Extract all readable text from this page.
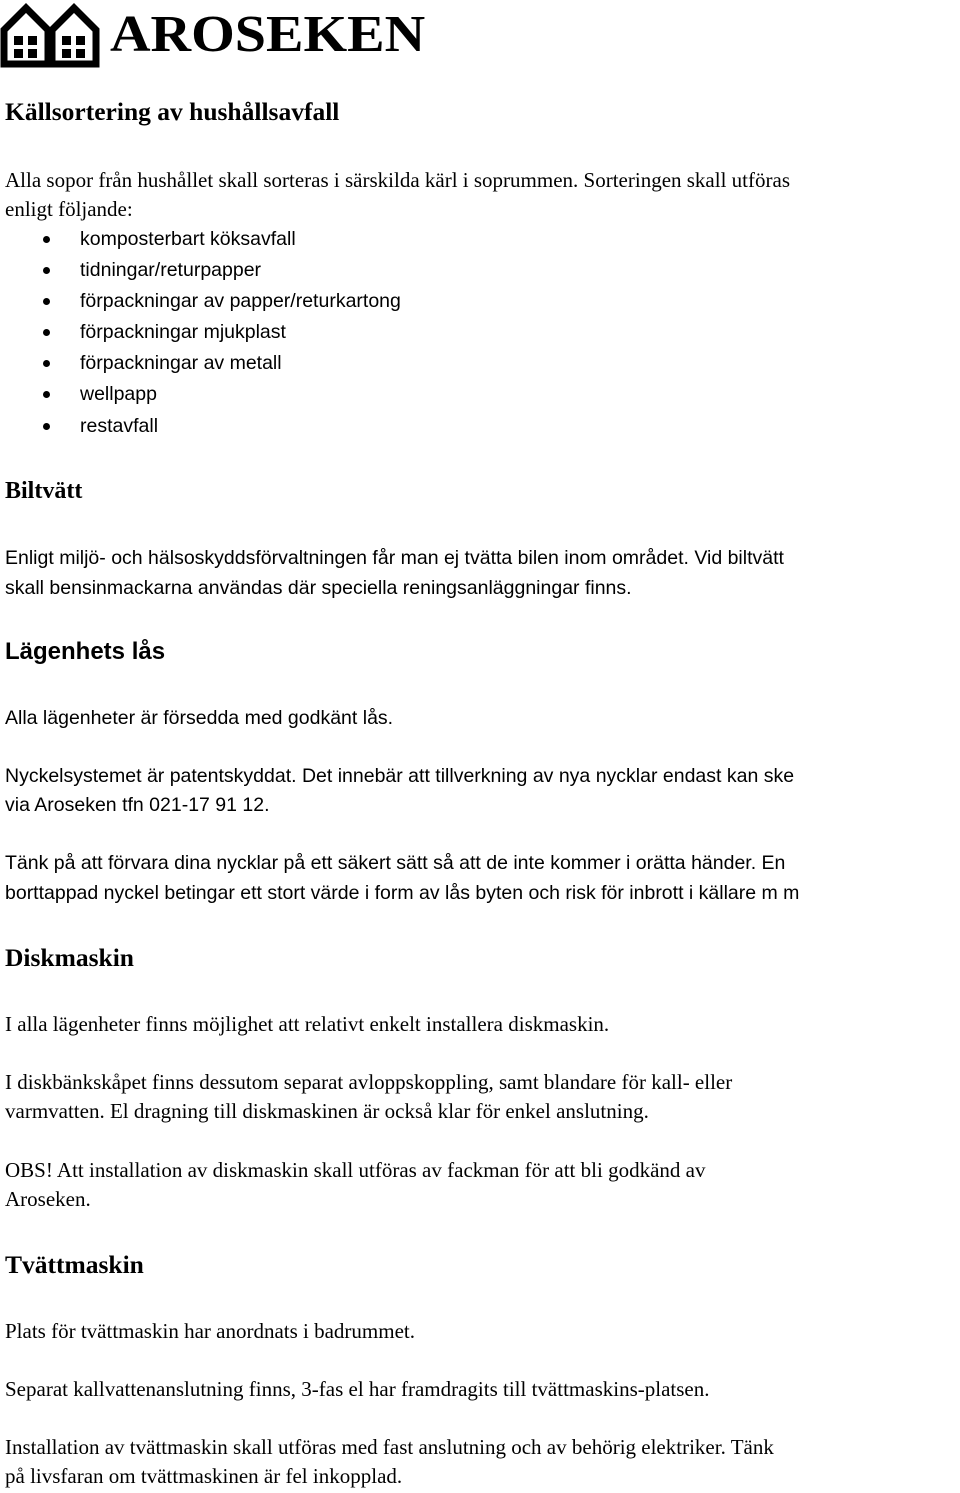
AROSEKEN
Källsortering av hushållsavfall

Alla sopor från hushållet skall sorteras i särskilda kärl i soprummen. Sorteringen skall utföras

enligt följande:

komposterbart köksavfall
tidningar/returpapper
förpackningar av papper/returkartong
förpackningar mjukplast
förpackningar av metall
wellpapp
restavfall
Biltvätt

Enligt miljö- och hälsoskyddsförvaltningen får man ej tvätta bilen inom området. Vid biltvätt

skall bensinmackarna användas där speciella reningsanläggningar finns.

Lägenhets lås

Alla lägenheter är försedda med godkänt lås.

Nyckelsystemet är patentskyddat. Det innebär att tillverkning av nya nycklar endast kan ske

via Aroseken tfn 021-17 91 12.

Tänk på att förvara dina nycklar på ett säkert sätt så att de inte kommer i orätta händer. En

borttappad nyckel betingar ett stort värde i form av lås byten och risk för inbrott i källare m m

Diskmaskin

I alla lägenheter finns möjlighet att relativt enkelt installera diskmaskin.

I diskbänkskåpet finns dessutom separat avloppskoppling, samt blandare för kall- eller

varmvatten. El dragning till diskmaskinen är också klar för enkel anslutning.

OBS! Att installation av diskmaskin skall utföras av fackman för att bli godkänd av

Aroseken.

Tvättmaskin

Plats för tvättmaskin har anordnats i badrummet.

Separat kallvattenanslutning finns, 3-fas el har framdragits till tvättmaskins-platsen.

Installation av tvättmaskin skall utföras med fast anslutning och av behörig elektriker. Tänk

på livsfaran om tvättmaskinen är fel inkopplad.
